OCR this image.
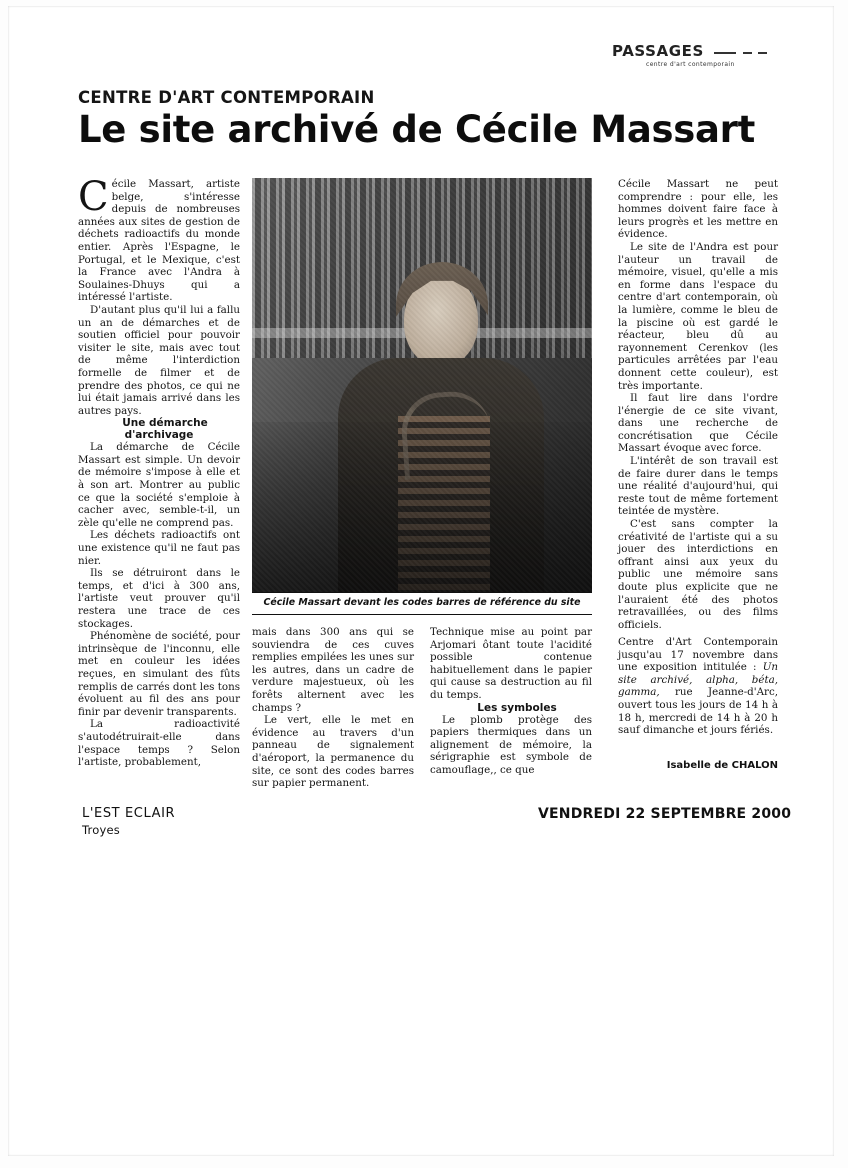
PASSAGES
centre d'art contemporain
CENTRE D'ART CONTEMPORAIN
Le site archivé de Cécile Massart

Cécile Massart, artiste belge, s'intéresse depuis de nombreuses années aux sites de gestion de déchets radioactifs du monde entier. Après l'Espagne, le Portugal, et le Mexique, c'est la France avec l'Andra à Soulaines-Dhuys qui a intéressé l'artiste.

D'autant plus qu'il lui a fallu un an de démarches et de soutien officiel pour pouvoir visiter le site, mais avec tout de même l'interdiction formelle de filmer et de prendre des photos, ce qui ne lui était jamais arrivé dans les autres pays.

Une démarche d'archivage

La démarche de Cécile Massart est simple. Un devoir de mémoire s'impose à elle et à son art. Montrer au public ce que la société s'emploie à cacher avec, semble-t-il, un zèle qu'elle ne comprend pas.

Les déchets radioactifs ont une existence qu'il ne faut pas nier.

Ils se détruiront dans le temps, et d'ici à 300 ans, l'artiste veut prouver qu'il restera une trace de ces stockages.

Phénomène de société, pour intrinsèque de l'inconnu, elle met en couleur les idées reçues, en simulant des fûts remplis de carrés dont les tons évoluent au fil des ans pour finir par devenir transparents.

La radioactivité s'autodétruirait-elle dans l'espace temps ? Selon l'artiste, probablement,

Cécile Massart devant les codes barres de référence du site

mais dans 300 ans qui se souviendra de ces cuves remplies empilées les unes sur les autres, dans un cadre de verdure majestueux, où les forêts alternent avec les champs ?

Le vert, elle le met en évidence au travers d'un panneau de signalement d'aéroport, la permanence du site, ce sont des codes barres sur papier permanent.

Technique mise au point par Arjomari ôtant toute l'acidité possible contenue habituellement dans le papier qui cause sa destruction au fil du temps.

Les symboles

Le plomb protège des papiers thermiques dans un alignement de mémoire, la sérigraphie est symbole de camouflage,, ce que

Cécile Massart ne peut comprendre : pour elle, les hommes doivent faire face à leurs progrès et les mettre en évidence.

Le site de l'Andra est pour l'auteur un travail de mémoire, visuel, qu'elle a mis en forme dans l'espace du centre d'art contemporain, où la lumière, comme le bleu de la piscine où est gardé le réacteur, bleu dû au rayonnement Cerenkov (les particules arrêtées par l'eau donnent cette couleur), est très importante.

Il faut lire dans l'ordre l'énergie de ce site vivant, dans une recherche de concrétisation que Cécile Massart évoque avec force.

L'intérêt de son travail est de faire durer dans le temps une réalité d'aujourd'hui, qui reste tout de même fortement teintée de mystère.

C'est sans compter la créativité de l'artiste qui a su jouer des interdictions en offrant ainsi aux yeux du public une mémoire sans doute plus explicite que ne l'auraient été des photos retravaillées, ou des films officiels.

Centre d'Art Contemporain jusqu'au 17 novembre dans une exposition intitulée : Un site archivé, alpha, béta, gamma, rue Jeanne-d'Arc, ouvert tous les jours de 14 h à 18 h, mercredi de 14 h à 20 h sauf dimanche et jours fériés.

Isabelle de CHALON
L'EST ECLAIR
Troyes
VENDREDI 22 SEPTEMBRE 2000
